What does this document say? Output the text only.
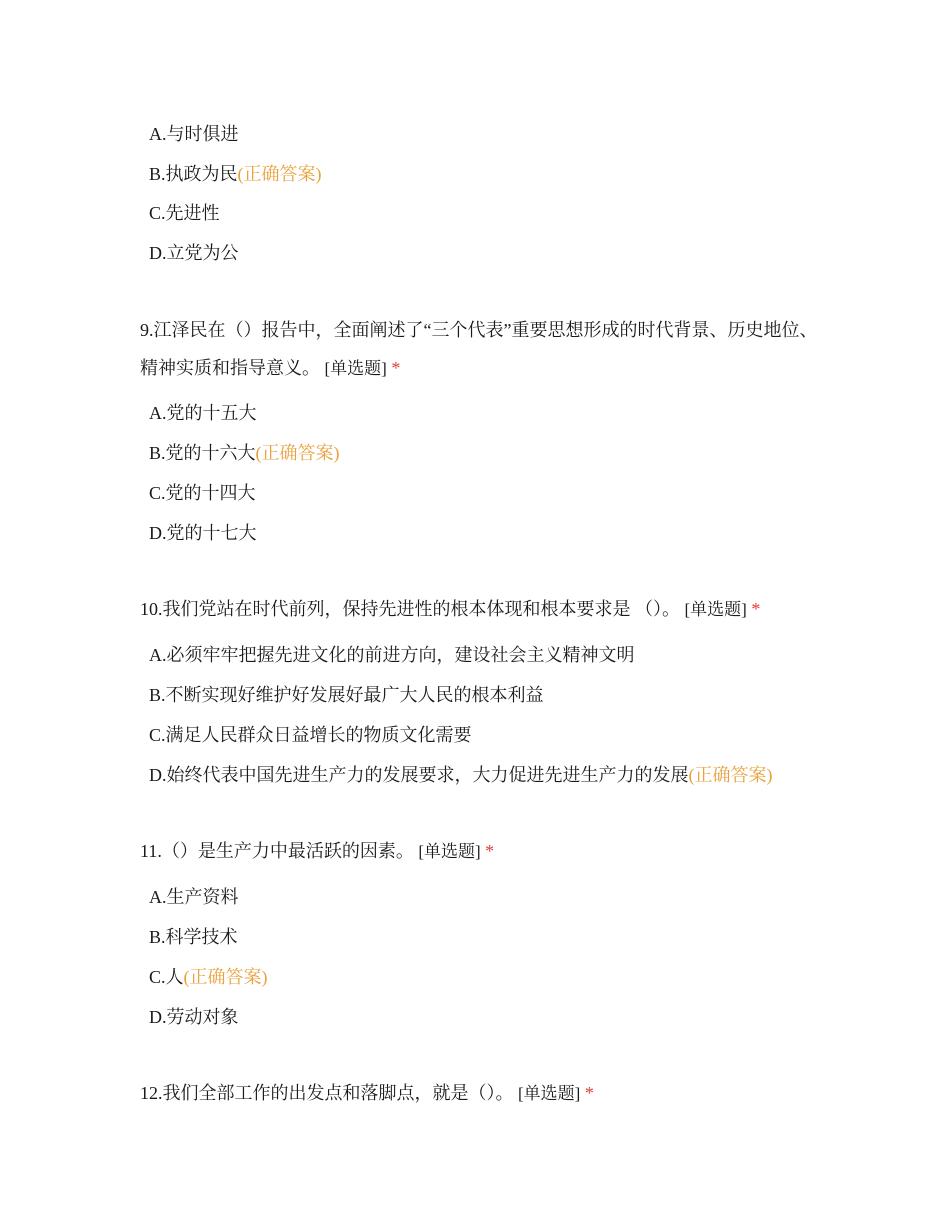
A.与时俱进
B.执政为民(正确答案)
C.先进性
D.立党为公
9.江泽民在（）报告中，全面阐述了“三个代表”重要思想形成的时代背景、历史地位、精神实质和指导意义。 [单选题] *
A.党的十五大
B.党的十六大(正确答案)
C.党的十四大
D.党的十七大
10.我们党站在时代前列，保持先进性的根本体现和根本要求是 （）。 [单选题] *
A.必须牢牢把握先进文化的前进方向，建设社会主义精神文明
B.不断实现好维护好发展好最广大人民的根本利益
C.满足人民群众日益增长的物质文化需要
D.始终代表中国先进生产力的发展要求，大力促进先进生产力的发展(正确答案)
11.（）是生产力中最活跃的因素。 [单选题] *
A.生产资料
B.科学技术
C.人(正确答案)
D.劳动对象
12.我们全部工作的出发点和落脚点，就是（）。 [单选题] *
